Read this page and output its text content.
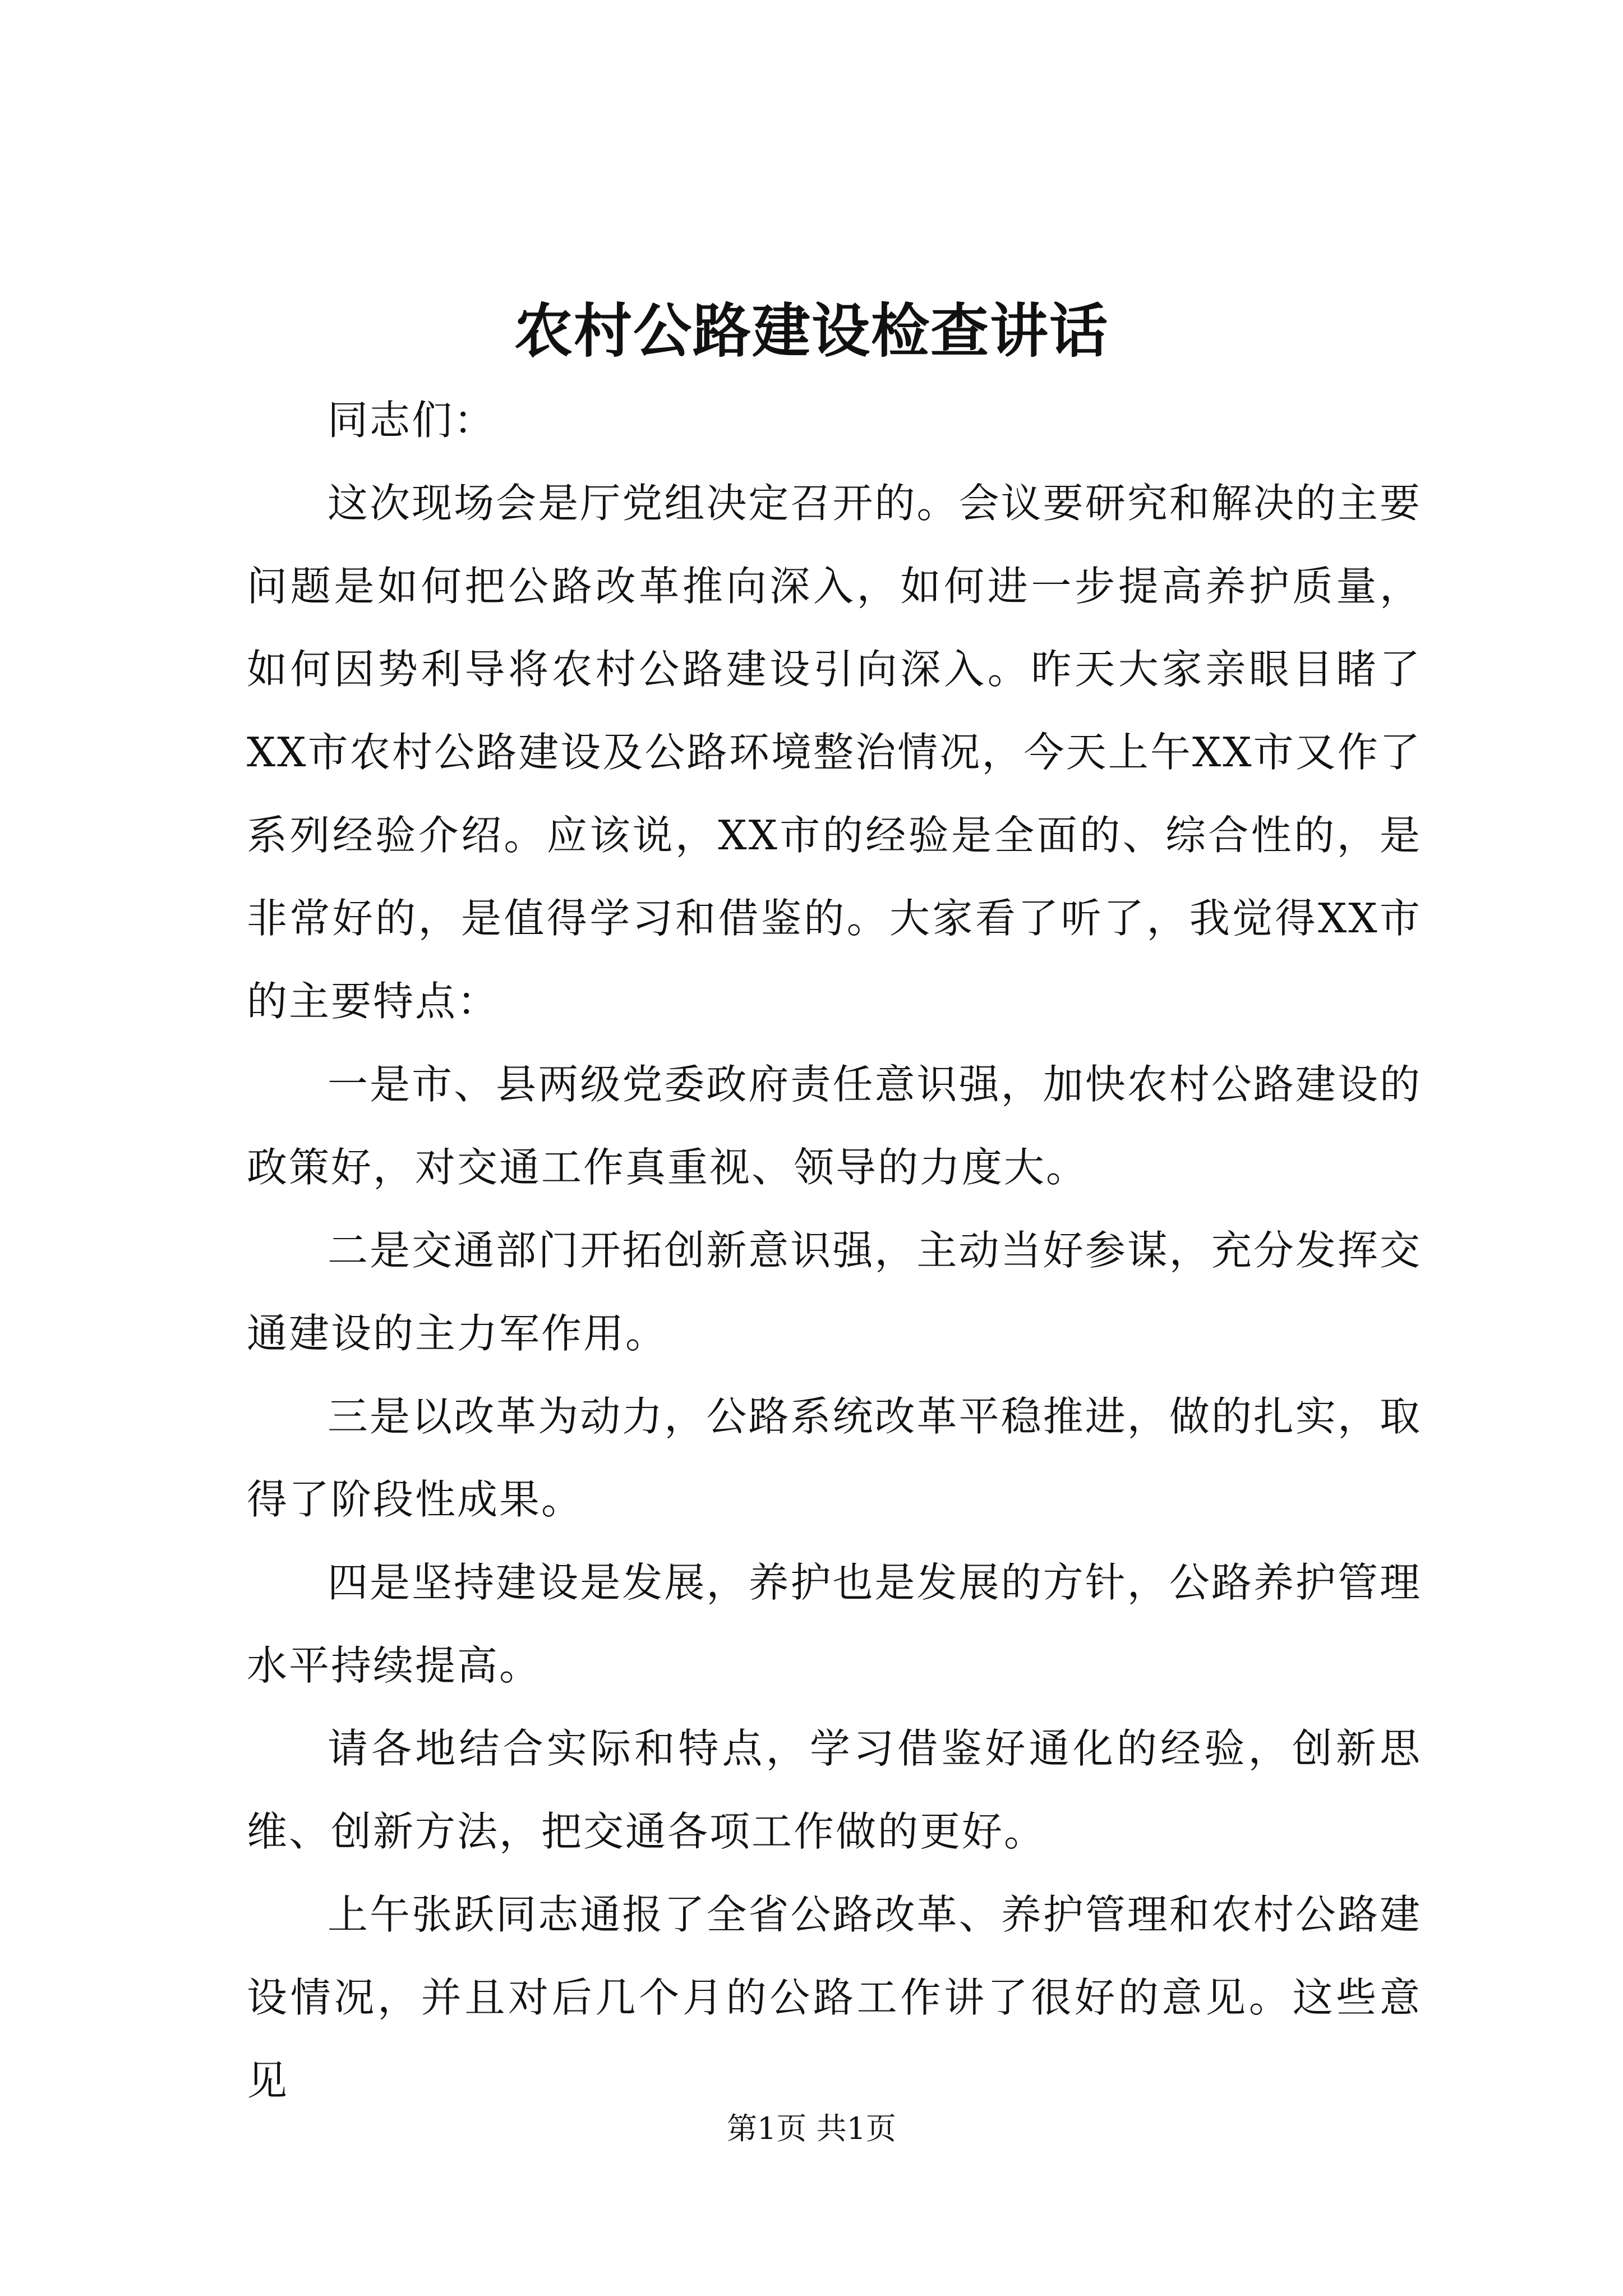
农村公路建设检查讲话

同志们：

这次现场会是厅党组决定召开的。会议要研究和解决的主要问题是如何把公路改革推向深入，如何进一步提高养护质量，如何因势利导将农村公路建设引向深入。昨天大家亲眼目睹了XX市农村公路建设及公路环境整治情况，今天上午XX市又作了系列经验介绍。应该说，XX市的经验是全面的、综合性的，是非常好的，是值得学习和借鉴的。大家看了听了，我觉得XX市的主要特点：

一是市、县两级党委政府责任意识强，加快农村公路建设的政策好，对交通工作真重视、领导的力度大。

二是交通部门开拓创新意识强，主动当好参谋，充分发挥交通建设的主力军作用。

三是以改革为动力，公路系统改革平稳推进，做的扎实，取得了阶段性成果。

四是坚持建设是发展，养护也是发展的方针，公路养护管理水平持续提高。

请各地结合实际和特点，学习借鉴好通化的经验，创新思维、创新方法，把交通各项工作做的更好。

上午张跃同志通报了全省公路改革、养护管理和农村公路建设情况，并且对后几个月的公路工作讲了很好的意见。这些意见

第1页 共1页
